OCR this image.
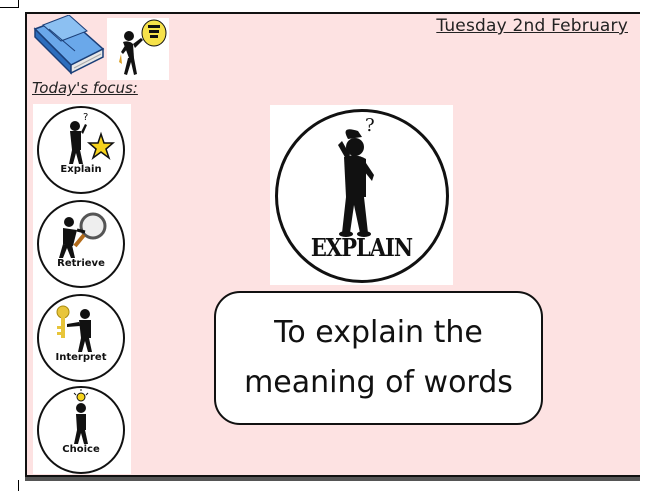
Tuesday 2nd February
Today's focus:
?
Explain
Retrieve
Interpret
Choice
?
EXPLAIN
To explain the
meaning of words
